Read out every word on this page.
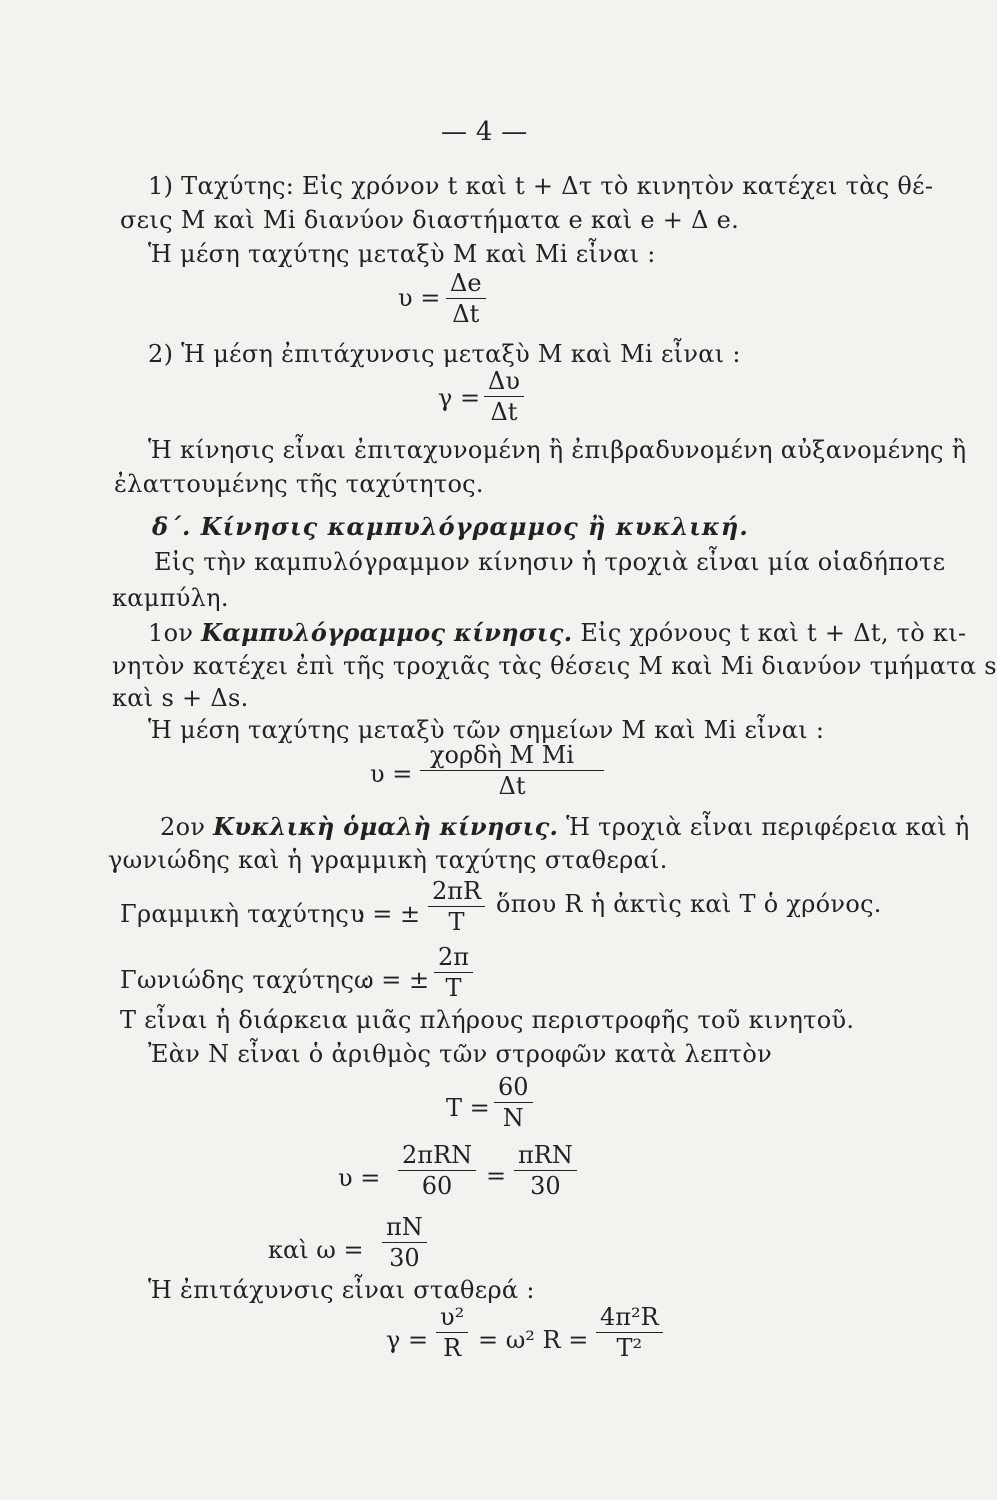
— 4 —
1) Ταχύτης: Εἰς χρόνον t καὶ t + Δτ τὸ κινητὸν κατέχει τὰς θέ-
σεις Μ καὶ Μi διανύον διαστήματα e καὶ e + Δ e.
Ἡ μέση ταχύτης μεταξὺ Μ καὶ Μi εἶναι :
$\upsilon = \frac{\Delta e}{\Delta t}$
2) Ἡ μέση ἐπιτάχυνσις μεταξὺ Μ καὶ Μi εἶναι :
$\gamma = \frac{\Delta\upsilon}{\Delta t}$
Ἡ κίνησις εἶναι ἐπιταχυνομένη ἢ ἐπιβραδυνομένη αὐξανομένης ἢ
ἐλαττουμένης τῆς ταχύτητος.
δ΄. Κίνησις καμπυλόγραμμος ἢ κυκλική.
Εἰς τὴν καμπυλόγραμμον κίνησιν ἡ τροχιὰ εἶναι μία οἱαδήποτε
καμπύλη.
1ον Καμπυλόγραμμος κίνησις. Εἰς χρόνους t καὶ t + Δt, τὸ κι-
νητὸν κατέχει ἐπὶ τῆς τροχιᾶς τὰς θέσεις Μ καὶ Μi διανύον τμήματα s
καὶ s + Δs.
Ἡ μέση ταχύτης μεταξὺ τῶν σημείων Μ καὶ Μi εἶναι :
υ =
χορδὴ Μ Μi
Δt
2ον Κυκλικὴ ὁμαλὴ κίνησις. Ἡ τροχιὰ εἶναι περιφέρεια καὶ ἡ
γωνιώδης καὶ ἡ γραμμικὴ ταχύτης σταθεραί.
Γραμμικὴ ταχύτης :
υ = ± $\frac{2\pi R}{T}$ ὅπου R ἡ ἀκτὶς καὶ Τ ὁ χρόνος.
Γωνιώδης ταχύτης :
ω = ± $\frac{2\pi}{T}$
Τ εἶναι ἡ διάρκεια μιᾶς πλήρους περιστροφῆς τοῦ κινητοῦ.
Ἐὰν Ν εἶναι ὁ ἀριθμὸς τῶν στροφῶν κατὰ λεπτὸν
$T = \frac{60}{N}$
υ =
2πRN
60 =
πRN
30
καὶ $\omega = \frac{\pi N}{30}$
Ἡ ἐπιτάχυνσις εἶναι σταθερά :
$\gamma = \frac{\text{υ²}}{R} = \omega^2$ $R = \frac{\text{4π²R}}{\text{T²}}$
